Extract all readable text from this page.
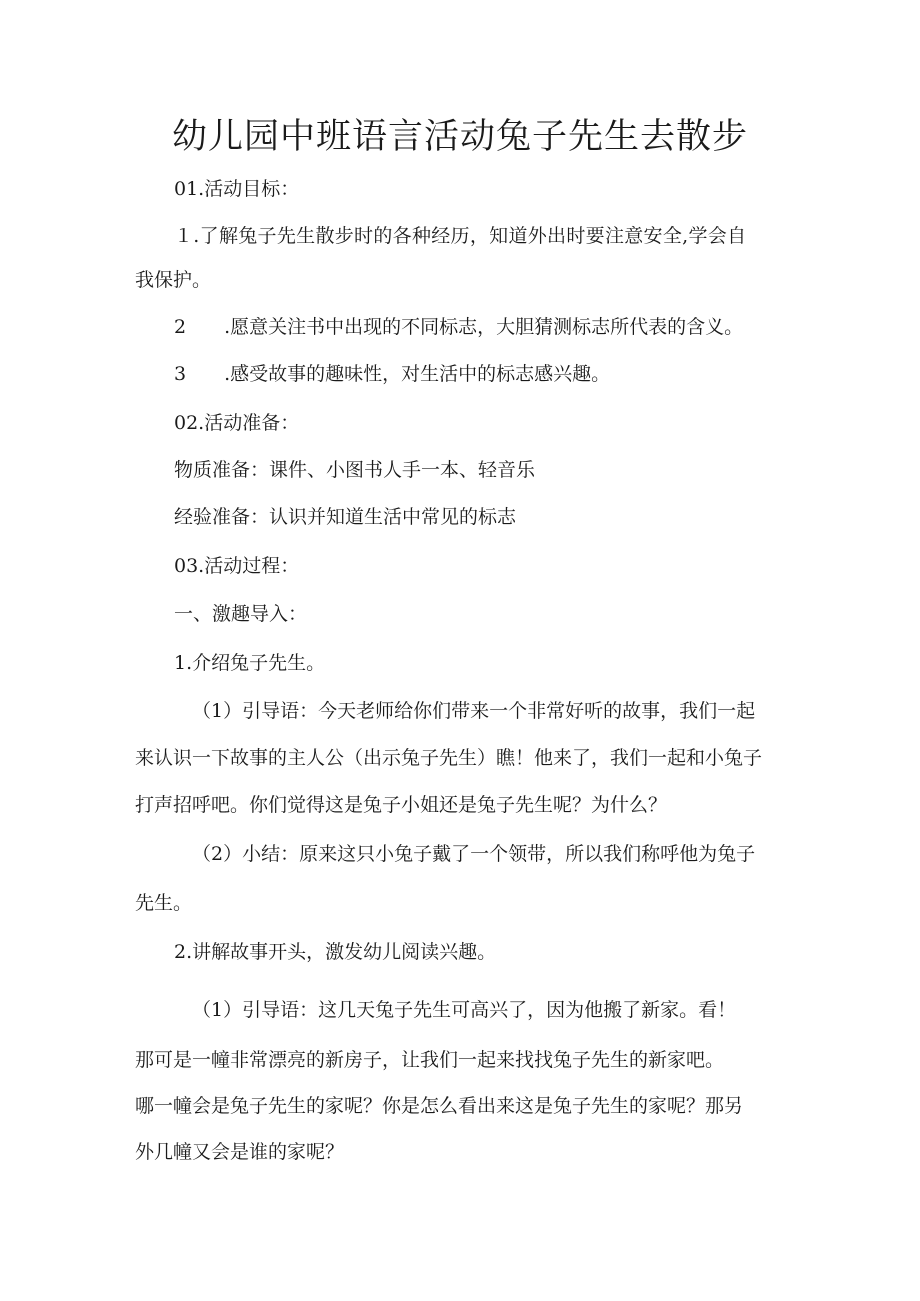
幼儿园中班语言活动兔子先生去散步
01.活动目标：
１.了解兔子先生散步时的各种经历，知道外出时要注意安全,学会自
我保护。
2　　.愿意关注书中出现的不同标志，大胆猜测标志所代表的含义。
3　　.感受故事的趣味性，对生活中的标志感兴趣。
02.活动准备：
物质准备：课件、小图书人手一本、轻音乐
经验准备：认识并知道生活中常见的标志
03.活动过程：
一、激趣导入：
1.介绍兔子先生。
（1）引导语：今天老师给你们带来一个非常好听的故事，我们一起
来认识一下故事的主人公（出示兔子先生）瞧！他来了，我们一起和小兔子
打声招呼吧。你们觉得这是兔子小姐还是兔子先生呢？为什么？
（2）小结：原来这只小兔子戴了一个领带，所以我们称呼他为兔子
先生。
2.讲解故事开头，激发幼儿阅读兴趣。
（1）引导语：这几天兔子先生可高兴了，因为他搬了新家。看！
那可是一幢非常漂亮的新房子，让我们一起来找找兔子先生的新家吧。
哪一幢会是兔子先生的家呢？你是怎么看出来这是兔子先生的家呢？那另
外几幢又会是谁的家呢？
